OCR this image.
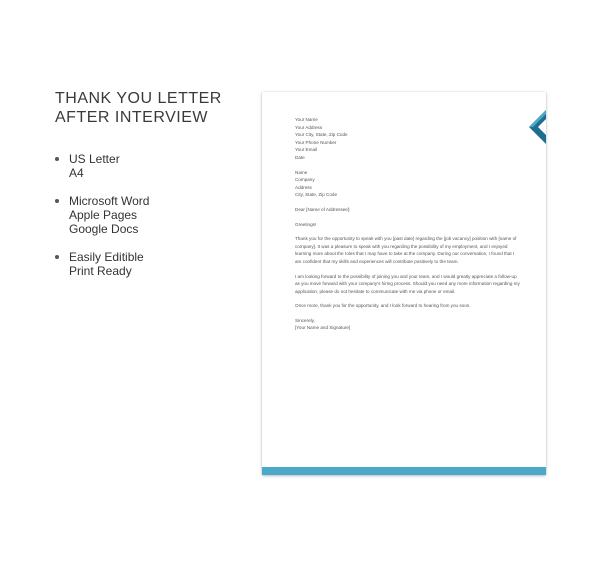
THANK YOU LETTER
AFTER INTERVIEW
US Letter
A4
Microsoft Word
Apple Pages
Google Docs
Easily Editible
Print Ready
Your Name
Your Address
Your City, State, Zip Code
Your Phone Number
Your Email
Date
Name
Company
Address
City, State, Zip Code
Dear [Name of Addressee]:
Greetings!

Thank you for the opportunity to speak with you [past date] regarding the [job vacancy] position with [name of company]. It was a pleasure to speak with you regarding the possibility of my employment, and I enjoyed learning more about the roles that I may have to take at the company. During our conversation, I found that I am confident that my skills and experiences will contribute positively to the team.

I am looking forward to the possibility of joining you and your team, and I would greatly appreciate a follow-up as you move forward with your company's hiring process. Should you need any more information regarding my application, please do not hesitate to communicate with me via phone or email.

Once more, thank you for the opportunity, and I look forward to hearing from you soon.

Sincerely,
[Your Name and Signature]
